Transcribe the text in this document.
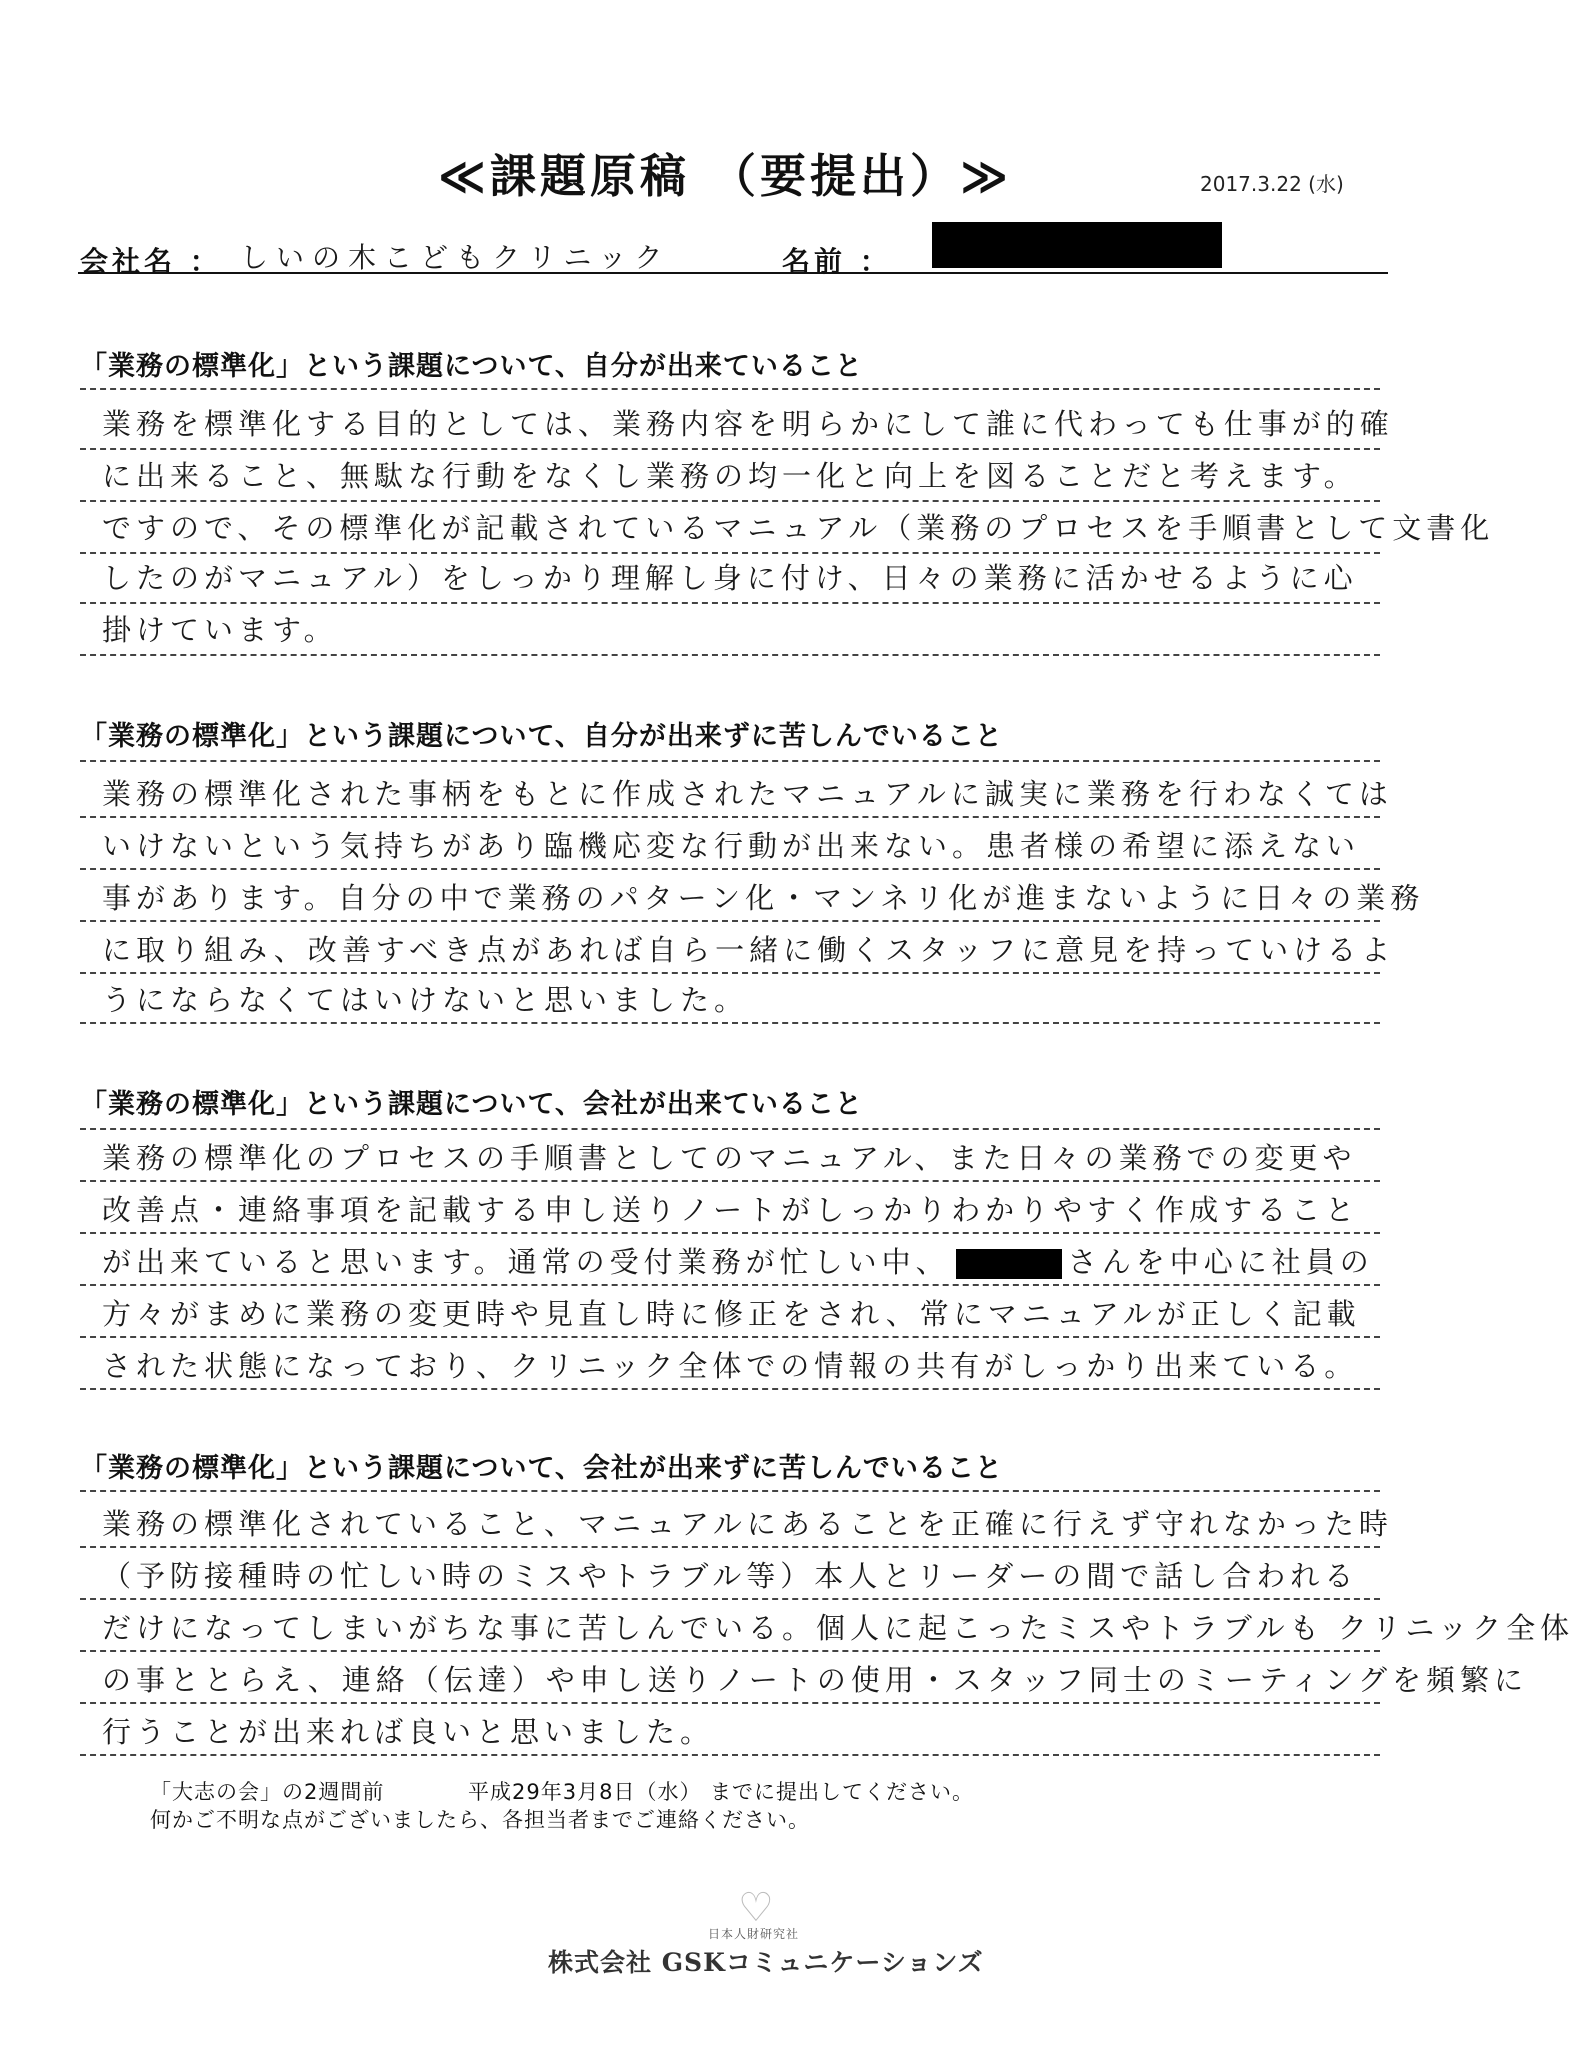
≪課題原稿 （要提出）≫	2017.3.22 (水)
会社名 ： しいの木こどもクリニック	名前 ：
「業務の標準化」という課題について、自分が出来ていること
業務を標準化する目的としては、業務内容を明らかにして誰に代わっても仕事が的確
に出来ること、無駄な行動をなくし業務の均一化と向上を図ることだと考えます。
ですので、その標準化が記載されているマニュアル（業務のプロセスを手順書として文書化
したのがマニュアル）をしっかり理解し身に付け、日々の業務に活かせるように心
掛けています。
「業務の標準化」という課題について、自分が出来ずに苦しんでいること
業務の標準化された事柄をもとに作成されたマニュアルに誠実に業務を行わなくては
いけないという気持ちがあり臨機応変な行動が出来ない。患者様の希望に添えない
事があります。自分の中で業務のパターン化・マンネリ化が進まないように日々の業務
に取り組み、改善すべき点があれば自ら一緒に働くスタッフに意見を持っていけるよ
うにならなくてはいけないと思いました。
「業務の標準化」という課題について、会社が出来ていること
業務の標準化のプロセスの手順書としてのマニュアル、また日々の業務での変更や
改善点・連絡事項を記載する申し送りノートがしっかりわかりやすく作成すること
が出来ていると思います。通常の受付業務が忙しい中、	さんを中心に社員の
方々がまめに業務の変更時や見直し時に修正をされ、常にマニュアルが正しく記載
された状態になっており、クリニック全体での情報の共有がしっかり出来ている。
「業務の標準化」という課題について、会社が出来ずに苦しんでいること
業務の標準化されていること、マニュアルにあることを正確に行えず守れなかった時
（予防接種時の忙しい時のミスやトラブル等）本人とリーダーの間で話し合われる
だけになってしまいがちな事に苦しんでいる。個人に起こったミスやトラブルも クリニック全体
の事ととらえ、連絡（伝達）や申し送りノートの使用・スタッフ同士のミーティングを頻繁に
行うことが出来れば良いと思いました。
「大志の会」の2週間前	平成29年3月8日（水） までに提出してください。
何かご不明な点がございましたら、各担当者までご連絡ください。
♡
日本人財研究社
株式会社 GSKコミュニケーションズ
